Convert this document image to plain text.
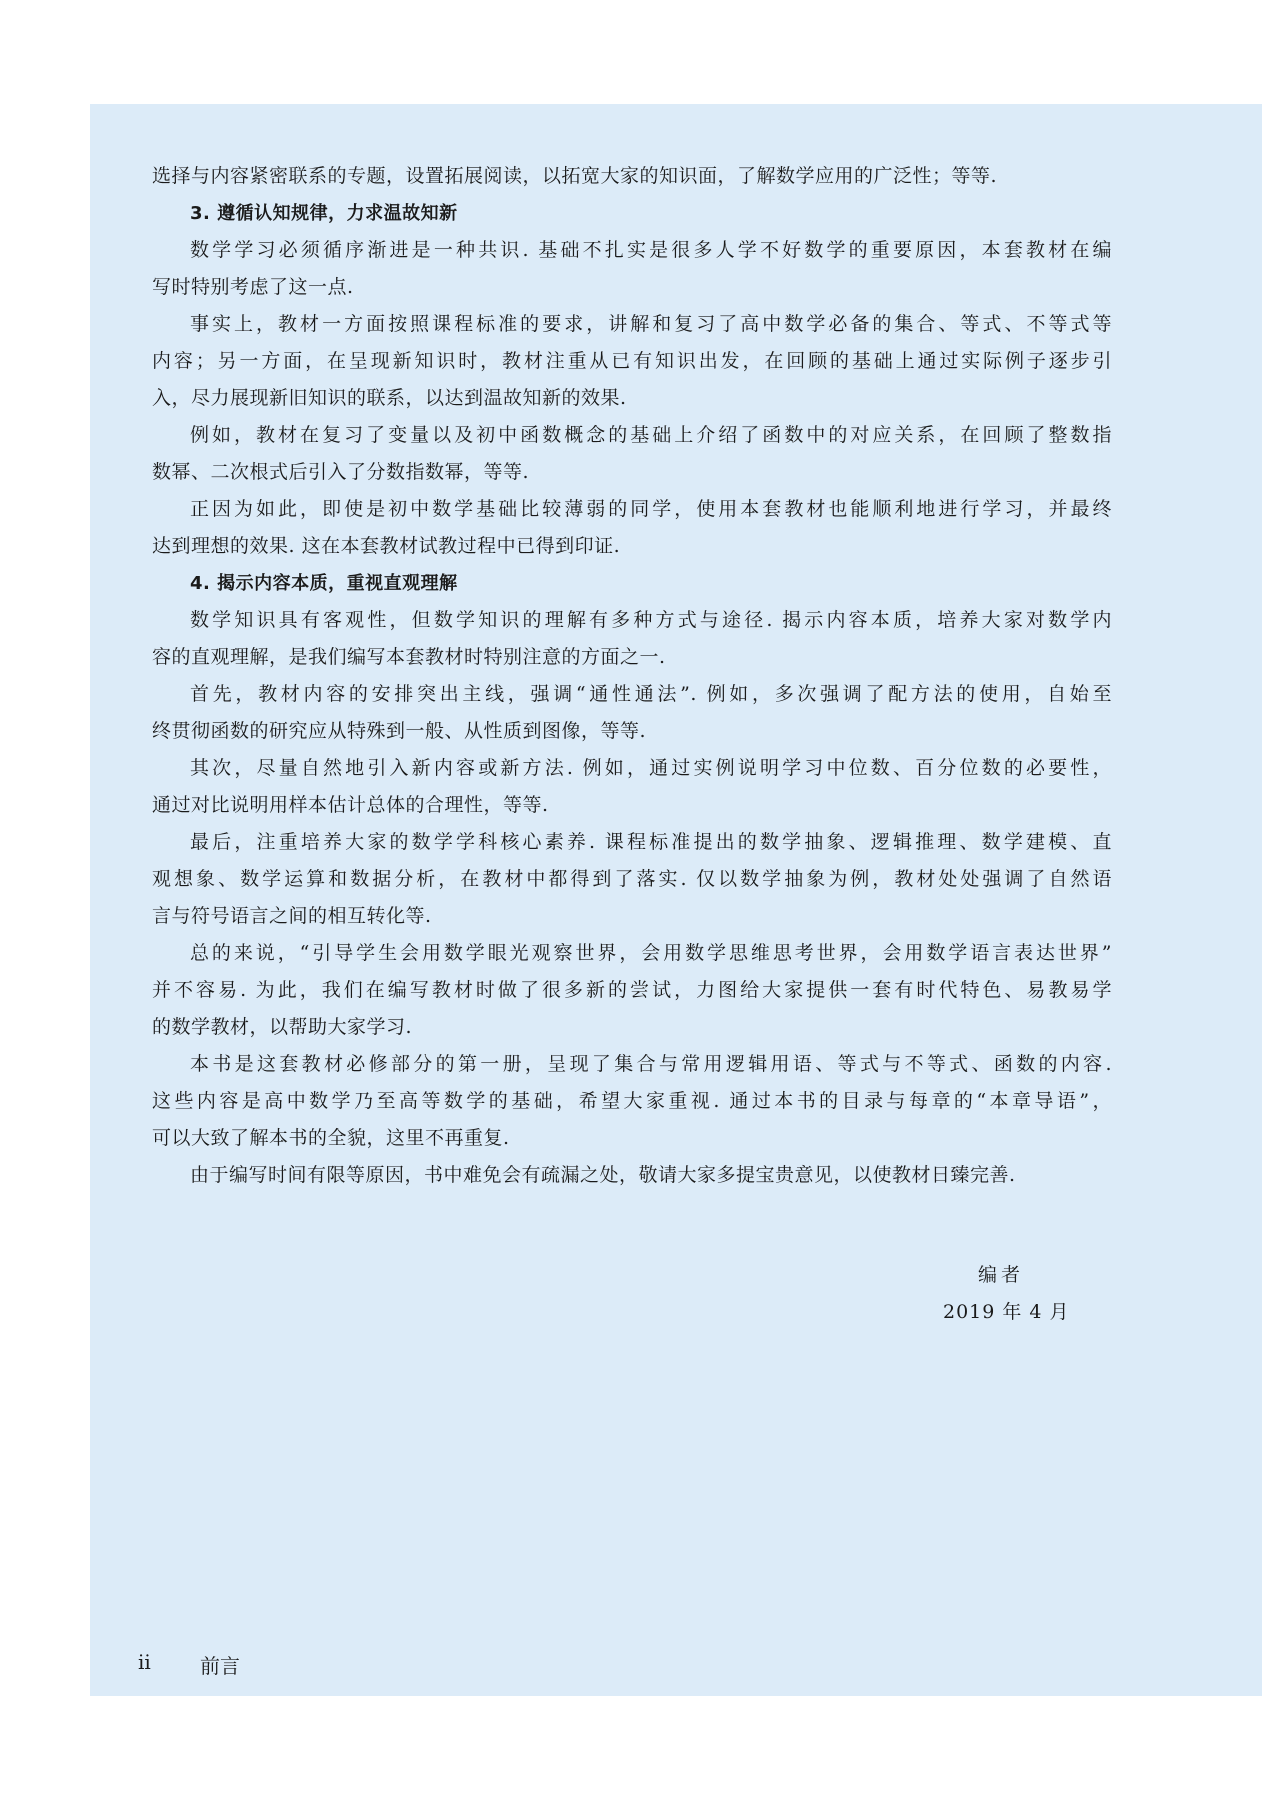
选择与内容紧密联系的专题，设置拓展阅读，以拓宽大家的知识面，了解数学应用的广泛性；等等.
3. 遵循认知规律，力求温故知新
数学学习必须循序渐进是一种共识. 基础不扎实是很多人学不好数学的重要原因，本套教材在编
写时特别考虑了这一点.
事实上，教材一方面按照课程标准的要求，讲解和复习了高中数学必备的集合、等式、不等式等
内容；另一方面，在呈现新知识时，教材注重从已有知识出发，在回顾的基础上通过实际例子逐步引
入，尽力展现新旧知识的联系，以达到温故知新的效果.
例如，教材在复习了变量以及初中函数概念的基础上介绍了函数中的对应关系，在回顾了整数指
数幂、二次根式后引入了分数指数幂，等等.
正因为如此，即使是初中数学基础比较薄弱的同学，使用本套教材也能顺利地进行学习，并最终
达到理想的效果. 这在本套教材试教过程中已得到印证.
4. 揭示内容本质，重视直观理解
数学知识具有客观性，但数学知识的理解有多种方式与途径. 揭示内容本质，培养大家对数学内
容的直观理解，是我们编写本套教材时特别注意的方面之一.
首先，教材内容的安排突出主线，强调“通性通法”. 例如，多次强调了配方法的使用，自始至
终贯彻函数的研究应从特殊到一般、从性质到图像，等等.
其次，尽量自然地引入新内容或新方法. 例如，通过实例说明学习中位数、百分位数的必要性，
通过对比说明用样本估计总体的合理性，等等.
最后，注重培养大家的数学学科核心素养. 课程标准提出的数学抽象、逻辑推理、数学建模、直
观想象、数学运算和数据分析，在教材中都得到了落实. 仅以数学抽象为例，教材处处强调了自然语
言与符号语言之间的相互转化等.
总的来说，“引导学生会用数学眼光观察世界，会用数学思维思考世界，会用数学语言表达世界”
并不容易. 为此，我们在编写教材时做了很多新的尝试，力图给大家提供一套有时代特色、易教易学
的数学教材，以帮助大家学习.
本书是这套教材必修部分的第一册，呈现了集合与常用逻辑用语、等式与不等式、函数的内容.
这些内容是高中数学乃至高等数学的基础，希望大家重视. 通过本书的目录与每章的“本章导语”，
可以大致了解本书的全貌，这里不再重复.
由于编写时间有限等原因，书中难免会有疏漏之处，敬请大家多提宝贵意见，以使教材日臻完善.
编者
2019 年 4 月
ii 前言
